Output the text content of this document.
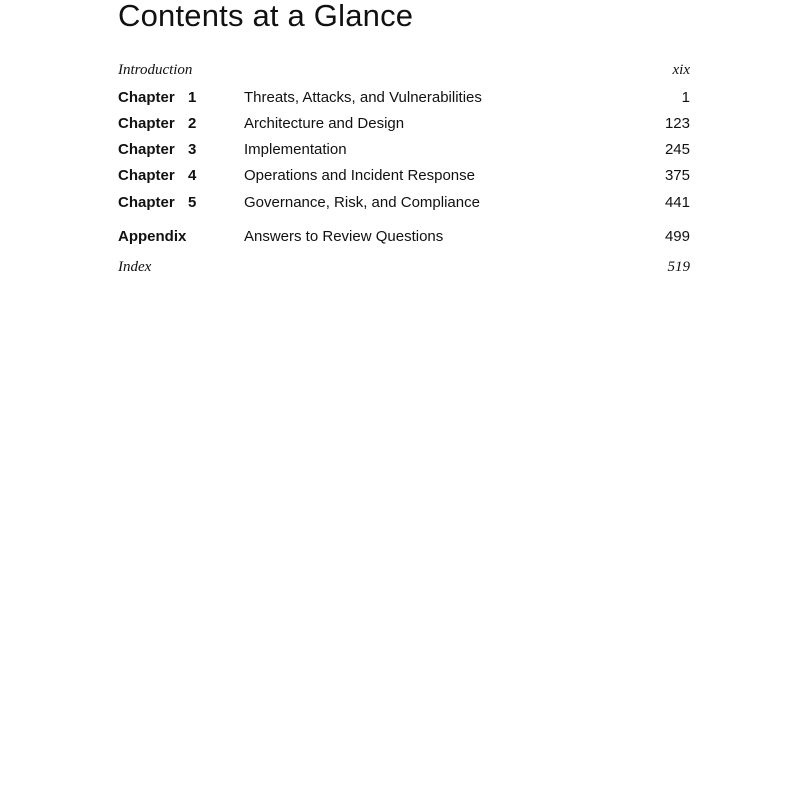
Contents at a Glance
Introduction	xix
Chapter 1	Threats, Attacks, and Vulnerabilities	1
Chapter 2	Architecture and Design	123
Chapter 3	Implementation	245
Chapter 4	Operations and Incident Response	375
Chapter 5	Governance, Risk, and Compliance	441
Appendix	Answers to Review Questions	499
Index	519
